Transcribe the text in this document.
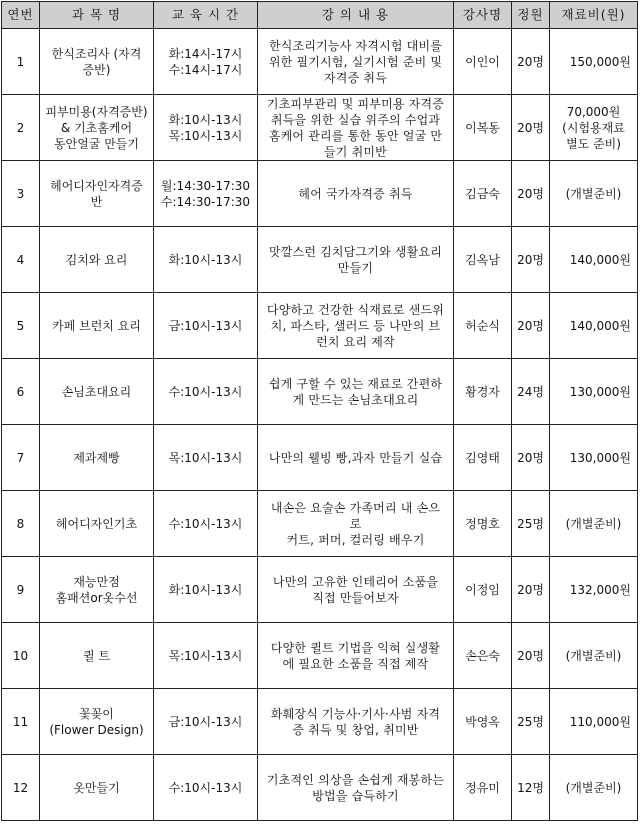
연번	과 목 명	교 육 시 간	강 의 내 용	강사명	정원	재료비(원)
1	한식조리사 (자격
증반)	화:14시-17시
수:14시-17시	한식조리기능사 자격시험 대비를
위한 필기시험, 실기시험 준비 및
자격증 취득	이인이	20명	150,000원

2	피부미용(자격증반)
& 기초홈케어
동안얼굴 만들기	화:10시-13시
목:10시-13시	기초피부관리 및 피부미용 자격증
취득을 위한 실습 위주의 수업과
홈케어 관리를 통한 동안 얼굴 만
들기 취미반	이복동	20명	70,000원
(시험용재료
별도 준비)

3	헤어디자인자격증
반	월:14:30-17:30
수:14:30-17:30	헤어 국가자격증 취득	김금숙	20명	(개별준비)

4	김치와 요리	화:10시-13시	맛깔스런 김치담그기와 생활요리
만들기	김옥남	20명	140,000원

5	카페 브런치 요리	금:10시-13시	다양하고 건강한 식재료로 샌드위
치, 파스타, 샐러드 등 나만의 브
런치 요리 제작	허순식	20명	140,000원

6	손님초대요리	수:10시-13시	쉽게 구할 수 있는 재료로 간편하
게 만드는 손님초대요리	황경자	24명	130,000원

7	제과제빵	목:10시-13시	나만의 웰빙 빵,과자 만들기 실습	김영태	20명	130,000원

8	헤어디자인기초	수:10시-13시	내손은 요술손 가족머리 내 손으
로
커트, 퍼머, 컬러링 배우기	정명호	25명	(개별준비)

9	재능만점
홈패션or옷수선	화:10시-13시	나만의 고유한 인테리어 소품을
직접 만들어보자	이정임	20명	132,000원

10	퀼 트	목:10시-13시	다양한 퀼트 기법을 익혀 실생활
에 필요한 소품을 직접 제작	손은숙	20명	(개별준비)

11	꽃꽂이
(Flower Design)	금:10시-13시	화훼장식 기능사·기사·사범 자격
증 취득 및 창업, 취미반	박영옥	25명	110,000원

12	옷만들기	수:10시-13시	기초적인 의상을 손쉽게 재봉하는
방법을 습득하기	정유미	12명	(개별준비)
